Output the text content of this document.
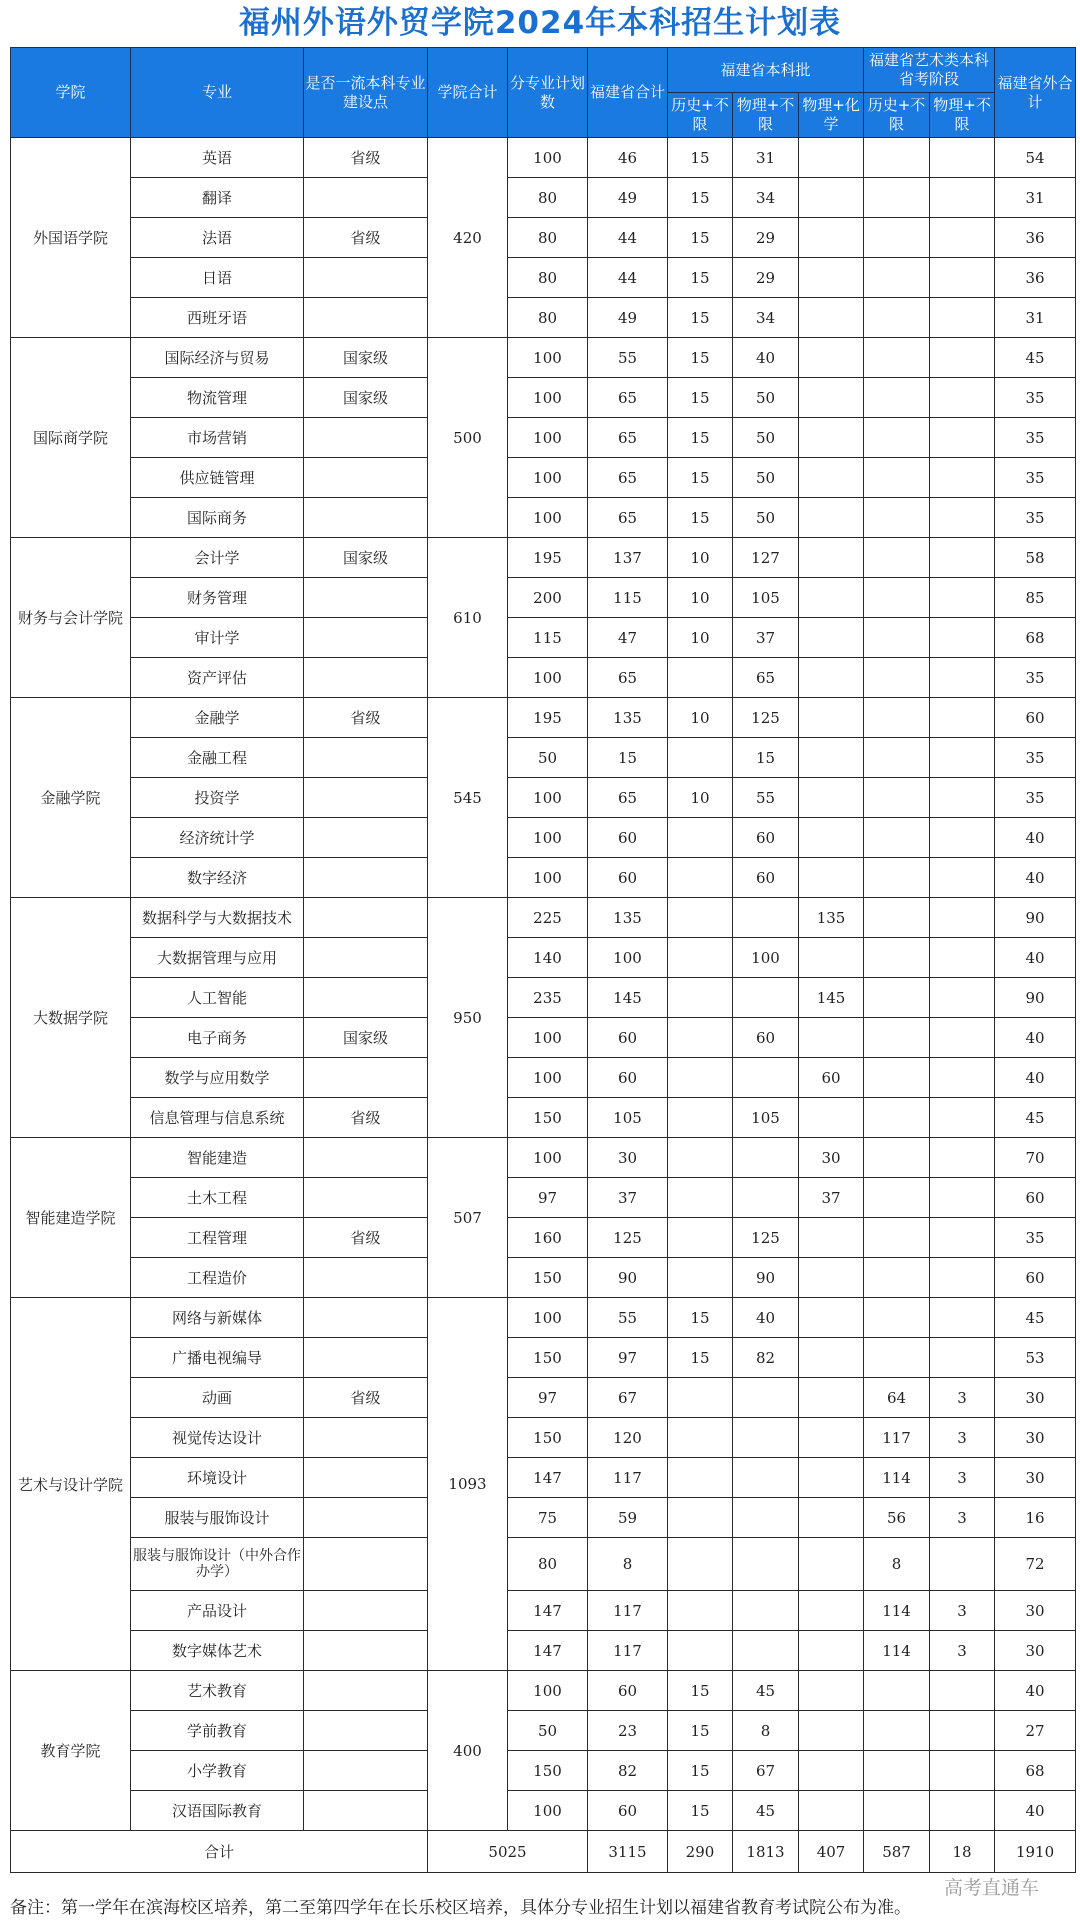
福州外语外贸学院2024年本科招生计划表
学院	专业	是否一流本科专业建设点	学院合计	分专业计划数	福建省合计	福建省本科批			福建省艺术类本科省考阶段		福建省外合计
						历史+不限	物理+不限	物理+化学	历史+不限	物理+不限	
外国语学院	英语	省级	420	100	46	15	31				54
	翻译			80	49	15	34				31
	法语	省级		80	44	15	29				36
	日语			80	44	15	29				36
	西班牙语			80	49	15	34				31
国际商学院	国际经济与贸易	国家级	500	100	55	15	40				45
	物流管理	国家级		100	65	15	50				35
	市场营销			100	65	15	50				35
	供应链管理			100	65	15	50				35
	国际商务			100	65	15	50				35
财务与会计学院	会计学	国家级	610	195	137	10	127				58
	财务管理			200	115	10	105				85
	审计学			115	47	10	37				68
	资产评估			100	65		65				35
金融学院	金融学	省级	545	195	135	10	125				60
	金融工程			50	15		15				35
	投资学			100	65	10	55				35
	经济统计学			100	60		60				40
	数字经济			100	60		60				40
大数据学院	数据科学与大数据技术		950	225	135			135			90
	大数据管理与应用			140	100		100				40
	人工智能			235	145			145			90
	电子商务	国家级		100	60		60				40
	数学与应用数学			100	60			60			40
	信息管理与信息系统	省级		150	105		105				45
智能建造学院	智能建造		507	100	30			30			70
	土木工程			97	37			37			60
	工程管理	省级		160	125		125				35
	工程造价			150	90		90				60
艺术与设计学院	网络与新媒体		1093	100	55	15	40				45
	广播电视编导			150	97	15	82				53
	动画	省级		97	67				64	3	30
	视觉传达设计			150	120				117	3	30
	环境设计			147	117				114	3	30
	服装与服饰设计			75	59				56	3	16
	服装与服饰设计（中外合作办学）			80	8				8		72
	产品设计			147	117				114	3	30
	数字媒体艺术			147	117				114	3	30
教育学院	艺术教育		400	100	60	15	45				40
	学前教育			50	23	15	8				27
	小学教育			150	82	15	67				68
	汉语国际教育			100	60	15	45				40
合计			5025		3115	290	1813	407	587	18	1910
高考直通车
备注：第一学年在滨海校区培养，第二至第四学年在长乐校区培养，具体分专业招生计划以福建省教育考试院公布为准。
